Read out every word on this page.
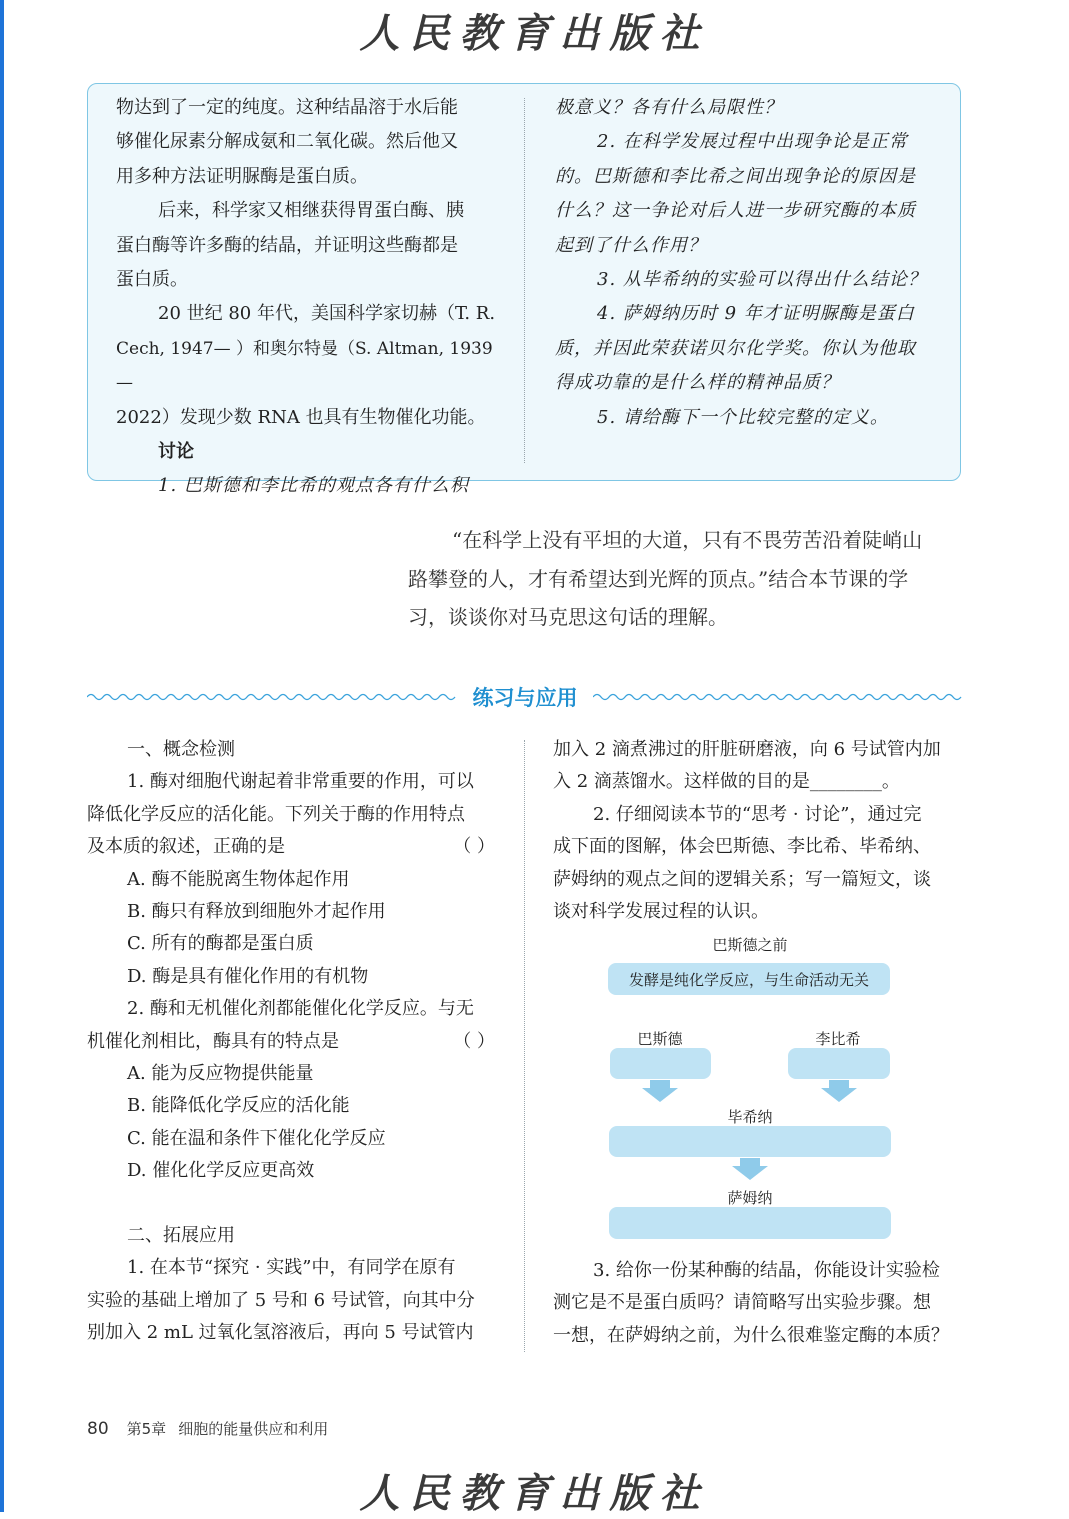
人民教育出版社

物达到了一定的纯度。这种结晶溶于水后能

够催化尿素分解成氨和二氧化碳。然后他又

用多种方法证明脲酶是蛋白质。

后来，科学家又相继获得胃蛋白酶、胰

蛋白酶等许多酶的结晶，并证明这些酶都是

蛋白质。

20 世纪 80 年代，美国科学家切赫（T. R.

Cech, 1947— ）和奥尔特曼（S. Altman, 1939—

2022）发现少数 RNA 也具有生物催化功能。

讨论

1. 巴斯德和李比希的观点各有什么积

极意义？各有什么局限性？

2. 在科学发展过程中出现争论是正常

的。巴斯德和李比希之间出现争论的原因是

什么？这一争论对后人进一步研究酶的本质

起到了什么作用？

3. 从毕希纳的实验可以得出什么结论？

4. 萨姆纳历时 9 年才证明脲酶是蛋白

质，并因此荣获诺贝尔化学奖。你认为他取

得成功靠的是什么样的精神品质？

5. 请给酶下一个比较完整的定义。

“在科学上没有平坦的大道，只有不畏劳苦沿着陡峭山

路攀登的人，才有希望达到光辉的顶点。”结合本节课的学

习，谈谈你对马克思这句话的理解。

练习与应用

一、概念检测

1. 酶对细胞代谢起着非常重要的作用，可以

降低化学反应的活化能。下列关于酶的作用特点

及本质的叙述，正确的是	（ ）

A. 酶不能脱离生物体起作用

B. 酶只有释放到细胞外才起作用

C. 所有的酶都是蛋白质

D. 酶是具有催化作用的有机物

2. 酶和无机催化剂都能催化化学反应。与无

机催化剂相比，酶具有的特点是	（ ）

A. 能为反应物提供能量

B. 能降低化学反应的活化能

C. 能在温和条件下催化化学反应

D. 催化化学反应更高效

二、拓展应用

1. 在本节“探究 · 实践”中，有同学在原有

实验的基础上增加了 5 号和 6 号试管，向其中分

别加入 2 mL 过氧化氢溶液后，再向 5 号试管内

加入 2 滴煮沸过的肝脏研磨液，向 6 号试管内加

入 2 滴蒸馏水。这样做的目的是________。

2. 仔细阅读本节的“思考 · 讨论”，通过完

成下面的图解，体会巴斯德、李比希、毕希纳、

萨姆纳的观点之间的逻辑关系；写一篇短文，谈

谈对科学发展过程的认识。

巴斯德之前
发酵是纯化学反应，与生命活动无关
巴斯德	李比希
毕希纳
萨姆纳

3. 给你一份某种酶的结晶，你能设计实验检

测它是不是蛋白质吗？请简略写出实验步骤。想

一想，在萨姆纳之前，为什么很难鉴定酶的本质？

80 第5章 细胞的能量供应和利用
人民教育出版社
